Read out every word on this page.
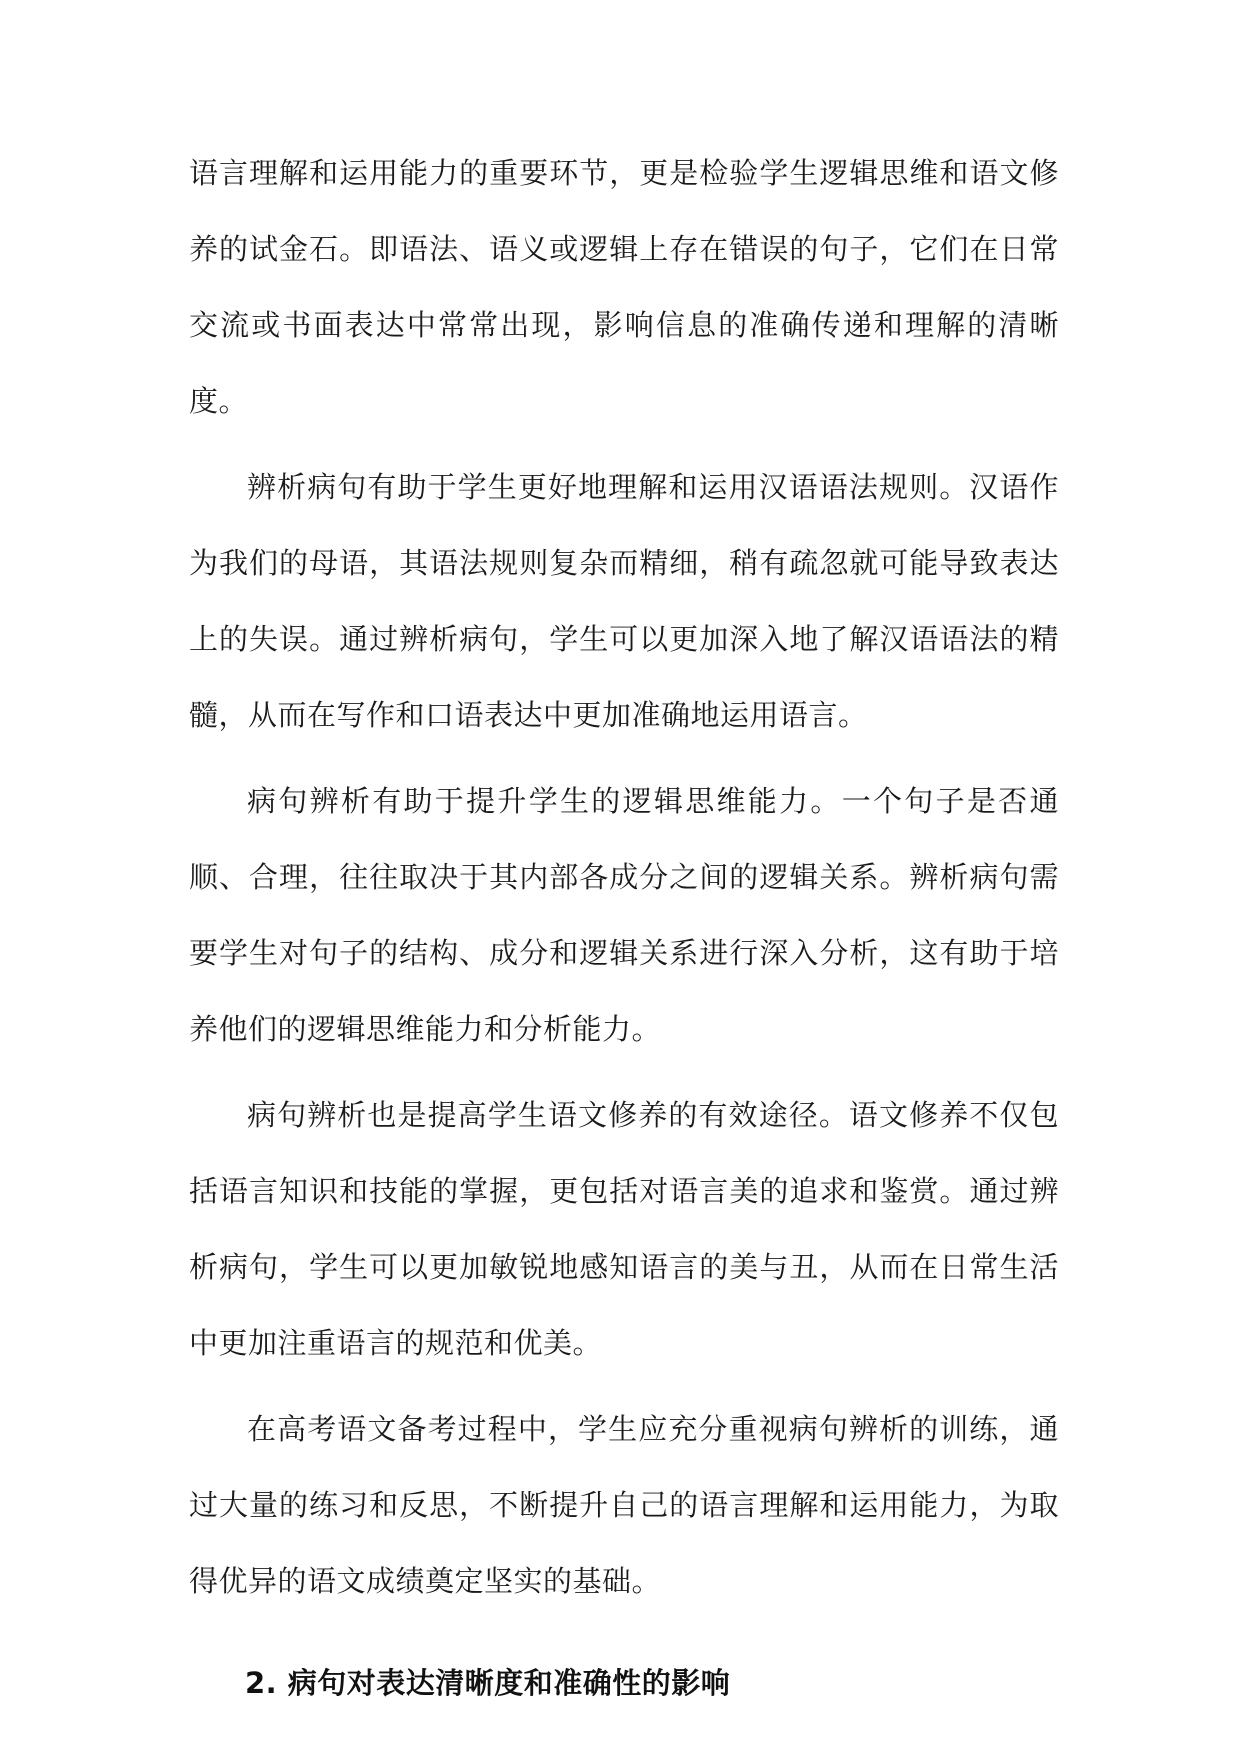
语言理解和运用能力的重要环节，更是检验学生逻辑思维和语文修养的试金石。即语法、语义或逻辑上存在错误的句子，它们在日常交流或书面表达中常常出现，影响信息的准确传递和理解的清晰度。

辨析病句有助于学生更好地理解和运用汉语语法规则。汉语作为我们的母语，其语法规则复杂而精细，稍有疏忽就可能导致表达上的失误。通过辨析病句，学生可以更加深入地了解汉语语法的精髓，从而在写作和口语表达中更加准确地运用语言。

病句辨析有助于提升学生的逻辑思维能力。一个句子是否通顺、合理，往往取决于其内部各成分之间的逻辑关系。辨析病句需要学生对句子的结构、成分和逻辑关系进行深入分析，这有助于培养他们的逻辑思维能力和分析能力。

病句辨析也是提高学生语文修养的有效途径。语文修养不仅包括语言知识和技能的掌握，更包括对语言美的追求和鉴赏。通过辨析病句，学生可以更加敏锐地感知语言的美与丑，从而在日常生活中更加注重语言的规范和优美。

在高考语文备考过程中，学生应充分重视病句辨析的训练，通过大量的练习和反思，不断提升自己的语言理解和运用能力，为取得优异的语文成绩奠定坚实的基础。

2. 病句对表达清晰度和准确性的影响
